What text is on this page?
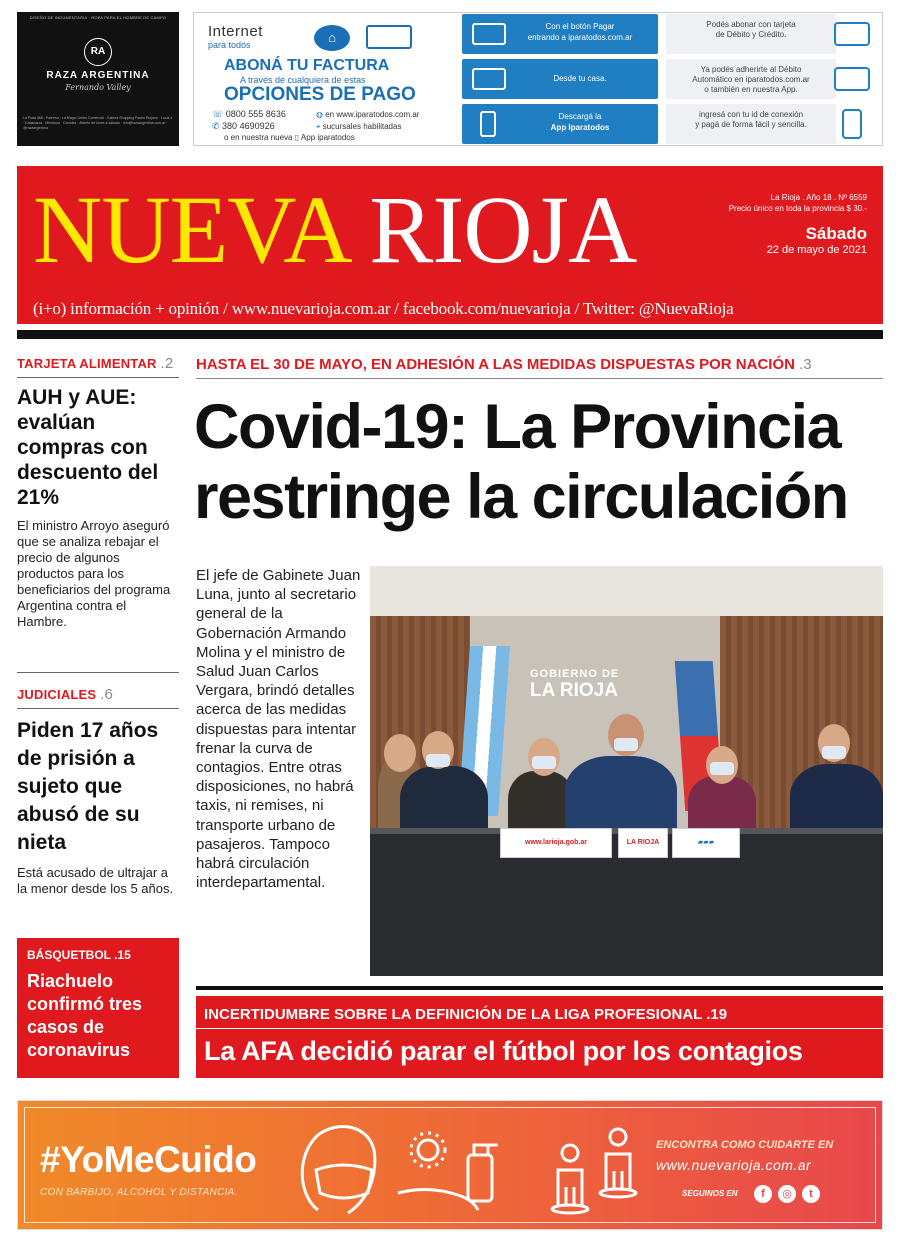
DISEÑO DE INDUMENTARIA · ROPA PARA EL HOMBRE DE CAMPO
RA
RAZA ARGENTINA
Fernando Valley
La Plata 485 - Palermo · La Maga Centro Comercial · Galería Shopping Paseo Riojano · Local 4 · Catamarca · Mendoza · Córdoba · Abierto de lunes a sábado · info@razaargentina.com.ar · @razaargentina
Internet
para todos	⌂
ABONÁ TU FACTURA
A través de cualquiera de estas
OPCIONES DE PAGO
☏ 0800 555 8636
✆ 380 4690926
◍ en www.iparatodos.com.ar
⌖ sucursales habilitadas
o en nuestra nueva ▯ App iparatodos
Con el botón Pagar
entrando a iparatodos.com.ar
Podés abonar con tarjeta
de Débito y Crédito.
Desde tu casa.
Ya podés adherirte al Débito
Automático en iparatodos.com.ar
o también en nuestra App.
Descargá la
App Iparatodos
ingresá con tu id de conexión
y pagá de forma fácil y sencilla.
NUEVA RIOJA	La Rioja . Año 18 . Nº 6559
Precio único en toda la provincia $ 30.-
Sábado
22 de mayo de 2021
(i+o) información + opinión / www.nuevarioja.com.ar / facebook.com/nuevarioja / Twitter: @NuevaRioja
TARJETA ALIMENTAR .2
AUH y AUE: evalúan compras con descuento del 21%
El ministro Arroyo aseguró que se analiza rebajar el precio de algunos productos para los beneficiarios del programa Argentina contra el Hambre.
JUDICIALES .6
Piden 17 años de prisión a sujeto que abusó de su nieta
Está acusado de ultrajar a la menor desde los 5 años.
BÁSQUETBOL .15
Riachuelo confirmó tres casos de coronavirus
HASTA EL 30 DE MAYO, EN ADHESIÓN A LAS MEDIDAS DISPUESTAS POR NACIÓN .3
Covid-19: La Provincia
restringe la circulación
El jefe de Gabinete Juan Luna, junto al secretario general de la Gobernación Armando Molina y el ministro de Salud Juan Carlos Vergara, brindó detalles acerca de las medidas dispuestas para intentar frenar la curva de contagios. Entre otras disposiciones, no habrá taxis, ni remises, ni transporte urbano de pasajeros. Tampoco habrá circulación interdepartamental.
GOBIERNO DE
LA RIOJA
www.larioja.gob.ar	LA RIOJA	▰▰▰
INCERTIDUMBRE SOBRE LA DEFINICIÓN DE LA LIGA PROFESIONAL .19
La AFA decidió parar el fútbol por los contagios
#YoMeCuido
CON BARBIJO, ALCOHOL Y DISTANCIA.
ENCONTRA COMO CUIDARTE EN
www.nuevarioja.com.ar
SEGUINOS EN	f	◎	t
